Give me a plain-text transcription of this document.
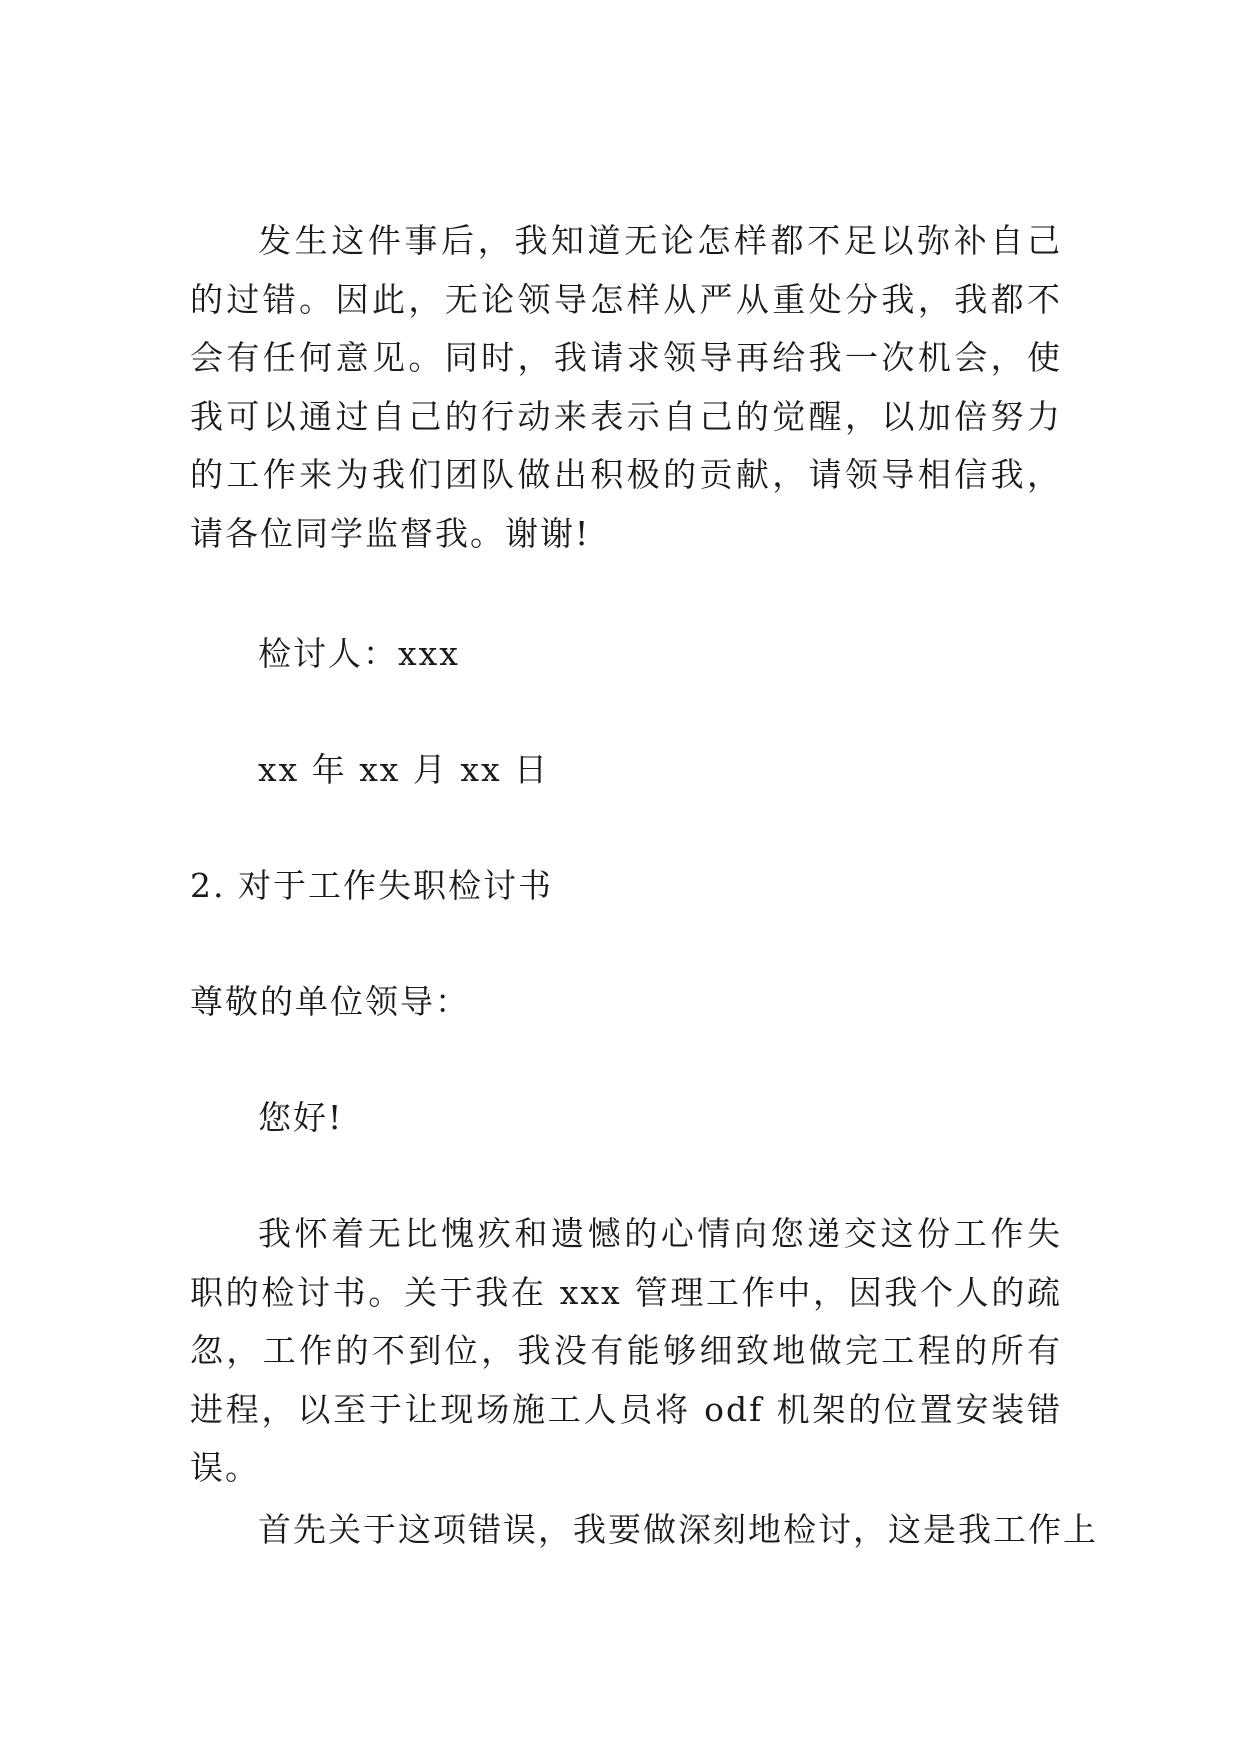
发生这件事后，我知道无论怎样都不足以弥补自己的过错。因此，无论领导怎样从严从重处分我，我都不会有任何意见。同时，我请求领导再给我一次机会，使我可以通过自己的行动来表示自己的觉醒，以加倍努力的工作来为我们团队做出积极的贡献，请领导相信我，请各位同学监督我。谢谢!

检讨人：xxx

xx 年 xx 月 xx 日

2. 对于工作失职检讨书

尊敬的单位领导：

您好!

我怀着无比愧疚和遗憾的心情向您递交这份工作失职的检讨书。关于我在 xxx 管理工作中，因我个人的疏忽，工作的不到位，我没有能够细致地做完工程的所有进程，以至于让现场施工人员将 odf 机架的位置安装错误。

首先关于这项错误，我要做深刻地检讨，这是我工作上
